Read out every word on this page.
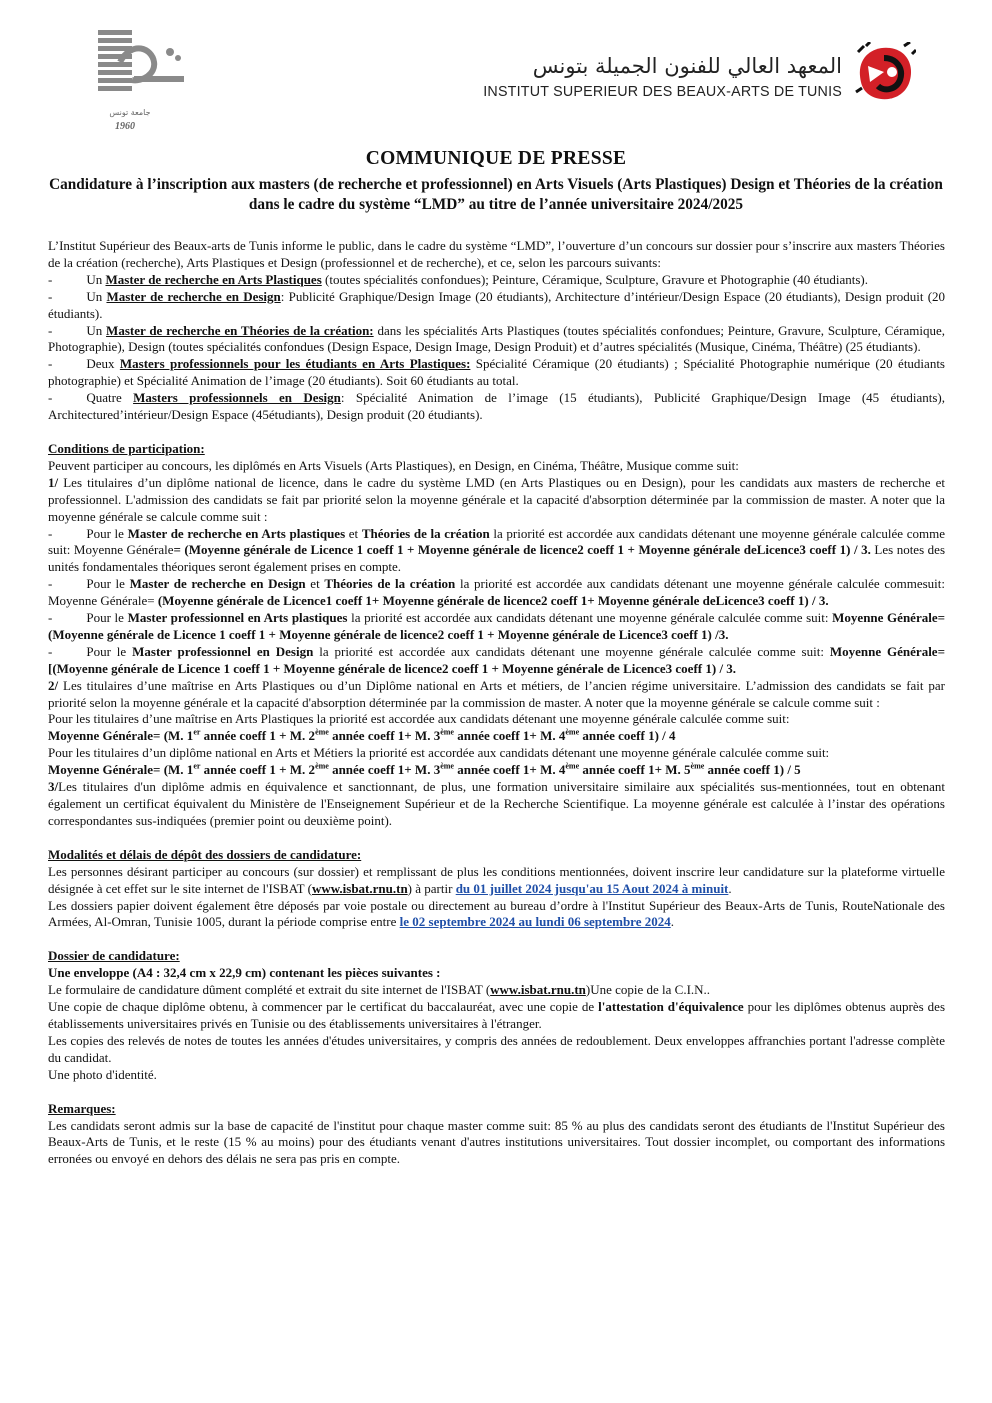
جامعة تونس
1960
المعهد العالي للفنون الجميلة بتونس
INSTITUT SUPERIEUR DES BEAUX-ARTS DE TUNIS

COMMUNIQUE DE PRESSE

Candidature à l’inscription aux masters (de recherche et professionnel) en Arts Visuels (Arts Plastiques) Design et Théories de la création dans le cadre du système “LMD” au titre de l’année universitaire 2024/2025

L’Institut Supérieur des Beaux-arts de Tunis informe le public, dans le cadre du système “LMD”, l’ouverture d’un concours sur dossier pour s’inscrire aux masters Théories de la création (recherche), Arts Plastiques et Design (professionnel et de recherche), et ce, selon les parcours suivants:

-	Un Master de recherche en Arts Plastiques (toutes spécialités confondues); Peinture, Céramique, Sculpture, Gravure et Photographie (40 étudiants).

-	Un Master de recherche en Design: Publicité Graphique/Design Image (20 étudiants), Architecture d’intérieur/Design Espace (20 étudiants), Design produit (20 étudiants).

-	Un Master de recherche en Théories de la création: dans les spécialités Arts Plastiques (toutes spécialités confondues; Peinture, Gravure, Sculpture, Céramique, Photographie), Design (toutes spécialités confondues (Design Espace, Design Image, Design Produit) et d’autres spécialités (Musique, Cinéma, Théâtre) (25 étudiants).

-	Deux Masters professionnels pour les étudiants en Arts Plastiques: Spécialité Céramique (20 étudiants) ; Spécialité Photographie numérique (20 étudiants photographie) et Spécialité Animation de l’image (20 étudiants). Soit 60 étudiants au total.

-	Quatre Masters professionnels en Design: Spécialité Animation de l’image (15 étudiants), Publicité Graphique/Design Image (45 étudiants), Architectured’intérieur/Design Espace (45étudiants), Design produit (20 étudiants).

Conditions de participation:

Peuvent participer au concours, les diplômés en Arts Visuels (Arts Plastiques), en Design, en Cinéma, Théâtre, Musique comme suit:

1/ Les titulaires d’un diplôme national de licence, dans le cadre du système LMD (en Arts Plastiques ou en Design), pour les candidats aux masters de recherche et professionnel. L'admission des candidats se fait par priorité selon la moyenne générale et la capacité d'absorption déterminée par la commission de master. A noter que la moyenne générale se calcule comme suit :

-	Pour le Master de recherche en Arts plastiques et Théories de la création la priorité est accordée aux candidats détenant une moyenne générale calculée comme suit: Moyenne Générale= (Moyenne générale de Licence 1 coeff 1 + Moyenne générale de licence2 coeff 1 + Moyenne générale deLicence3 coeff 1) / 3. Les notes des unités fondamentales théoriques seront également prises en compte.

-	Pour le Master de recherche en Design et Théories de la création la priorité est accordée aux candidats détenant une moyenne générale calculée commesuit: Moyenne Générale= (Moyenne générale de Licence1 coeff 1+ Moyenne générale de licence2 coeff 1+ Moyenne générale deLicence3 coeff 1) / 3.

-	Pour le Master professionnel en Arts plastiques la priorité est accordée aux candidats détenant une moyenne générale calculée comme suit: Moyenne Générale= (Moyenne générale de Licence 1 coeff 1 + Moyenne générale de licence2 coeff 1 + Moyenne générale de Licence3 coeff 1) /3.

-	Pour le Master professionnel en Design la priorité est accordée aux candidats détenant une moyenne générale calculée comme suit: Moyenne Générale=[(Moyenne générale de Licence 1 coeff 1 + Moyenne générale de licence2 coeff 1 + Moyenne générale de Licence3 coeff 1) / 3.

2/ Les titulaires d’une maîtrise en Arts Plastiques ou d’un Diplôme national en Arts et métiers, de l’ancien régime universitaire. L’admission des candidats se fait par priorité selon la moyenne générale et la capacité d'absorption déterminée par la commission de master. A noter que la moyenne générale se calcule comme suit :

Pour les titulaires d’une maîtrise en Arts Plastiques la priorité est accordée aux candidats détenant une moyenne générale calculée comme suit:

Moyenne Générale= (M. 1er année coeff 1 + M. 2ème année coeff 1+ M. 3ème année coeff 1+ M. 4ème année coeff 1) / 4

Pour les titulaires d’un diplôme national en Arts et Métiers la priorité est accordée aux candidats détenant une moyenne générale calculée comme suit:

Moyenne Générale= (M. 1er année coeff 1 + M. 2ème année coeff 1+ M. 3ème année coeff 1+ M. 4ème année coeff 1+ M. 5ème année coeff 1) / 5

3/Les titulaires d'un diplôme admis en équivalence et sanctionnant, de plus, une formation universitaire similaire aux spécialités sus-mentionnées, tout en obtenant également un certificat équivalent du Ministère de l'Enseignement Supérieur et de la Recherche Scientifique. La moyenne générale est calculée à l’instar des opérations correspondantes sus-indiquées (premier point ou deuxième point).

Modalités et délais de dépôt des dossiers de candidature:

Les personnes désirant participer au concours (sur dossier) et remplissant de plus les conditions mentionnées, doivent inscrire leur candidature sur la plateforme virtuelle désignée à cet effet sur le site internet de l'ISBAT (www.isbat.rnu.tn) à partir du 01 juillet 2024 jusqu'au 15 Aout 2024 à minuit.

Les dossiers papier doivent également être déposés par voie postale ou directement au bureau d’ordre à l'Institut Supérieur des Beaux-Arts de Tunis, RouteNationale des Armées, Al-Omran, Tunisie 1005, durant la période comprise entre le 02 septembre 2024 au lundi 06 septembre 2024.

Dossier de candidature:

Une enveloppe (A4 : 32,4 cm x 22,9 cm) contenant les pièces suivantes :

Le formulaire de candidature dûment complété et extrait du site internet de l'ISBAT (www.isbat.rnu.tn)Une copie de la C.I.N..

Une copie de chaque diplôme obtenu, à commencer par le certificat du baccalauréat, avec une copie de l'attestation d'équivalence pour les diplômes obtenus auprès des établissements universitaires privés en Tunisie ou des établissements universitaires à l'étranger.

Les copies des relevés de notes de toutes les années d'études universitaires, y compris des années de redoublement. Deux enveloppes affranchies portant l'adresse complète du candidat.

Une photo d'identité.

Remarques:

Les candidats seront admis sur la base de capacité de l'institut pour chaque master comme suit: 85 % au plus des candidats seront des étudiants de l'Institut Supérieur des Beaux-Arts de Tunis, et le reste (15 % au moins) pour des étudiants venant d'autres institutions universitaires. Tout dossier incomplet, ou comportant des informations erronées ou envoyé en dehors des délais ne sera pas pris en compte.
